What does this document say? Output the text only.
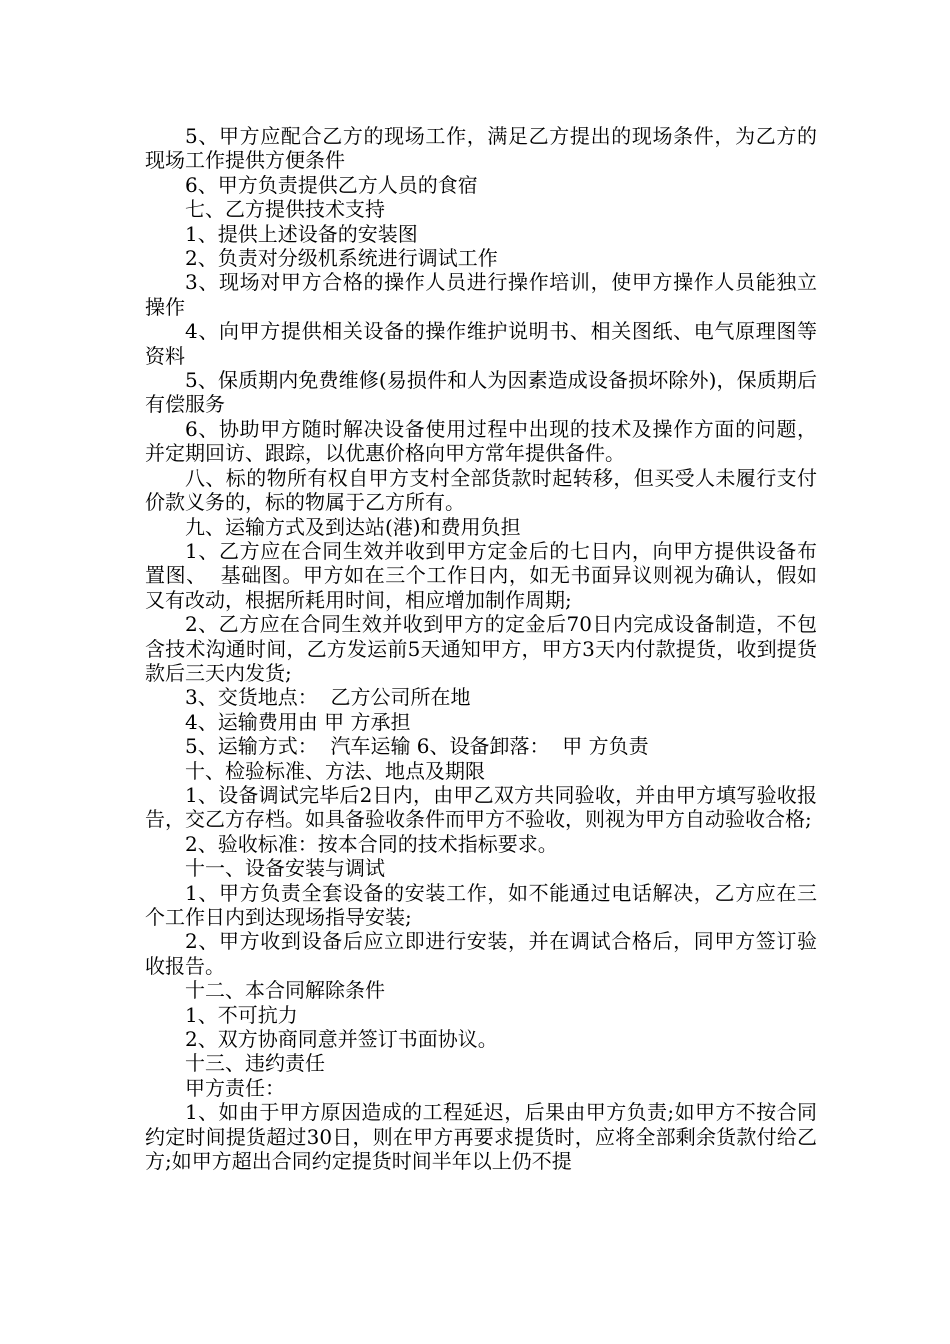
5、甲方应配合乙方的现场工作，满足乙方提出的现场条件，为乙方的现场工作提供方便条件

6、甲方负责提供乙方人员的食宿

七、乙方提供技术支持

1、提供上述设备的安装图

2、负责对分级机系统进行调试工作

3、现场对甲方合格的操作人员进行操作培训，使甲方操作人员能独立操作

4、向甲方提供相关设备的操作维护说明书、相关图纸、电气原理图等资料

5、保质期内免费维修(易损件和人为因素造成设备损坏除外)，保质期后有偿服务

6、协助甲方随时解决设备使用过程中出现的技术及操作方面的问题，并定期回访、跟踪，以优惠价格向甲方常年提供备件。

八、标的物所有权自甲方支村全部货款时起转移，但买受人未履行支付价款义务的，标的物属于乙方所有。

九、运输方式及到达站(港)和费用负担

1、乙方应在合同生效并收到甲方定金后的七日内，向甲方提供设备布置图、  基础图。甲方如在三个工作日内，如无书面异议则视为确认，假如又有改动，根据所耗用时间，相应增加制作周期;

2、乙方应在合同生效并收到甲方的定金后70日内完成设备制造，不包含技术沟通时间，乙方发运前5天通知甲方，甲方3天内付款提货，收到提货款后三天内发货;

3、交货地点：  乙方公司所在地

4、运输费用由 甲 方承担

5、运输方式：  汽车运输 6、设备卸落：  甲 方负责

十、检验标准、方法、地点及期限

1、设备调试完毕后2日内，由甲乙双方共同验收，并由甲方填写验收报告，交乙方存档。如具备验收条件而甲方不验收，则视为甲方自动验收合格;

2、验收标准：按本合同的技术指标要求。

十一、设备安装与调试

1、甲方负责全套设备的安装工作，如不能通过电话解决，乙方应在三个工作日内到达现场指导安装;

2、甲方收到设备后应立即进行安装，并在调试合格后，同甲方签订验收报告。

十二、本合同解除条件

1、不可抗力

2、双方协商同意并签订书面协议。

十三、违约责任

甲方责任：

1、如由于甲方原因造成的工程延迟，后果由甲方负责;如甲方不按合同约定时间提货超过30日，则在甲方再要求提货时，应将全部剩余货款付给乙方;如甲方超出合同约定提货时间半年以上仍不提
